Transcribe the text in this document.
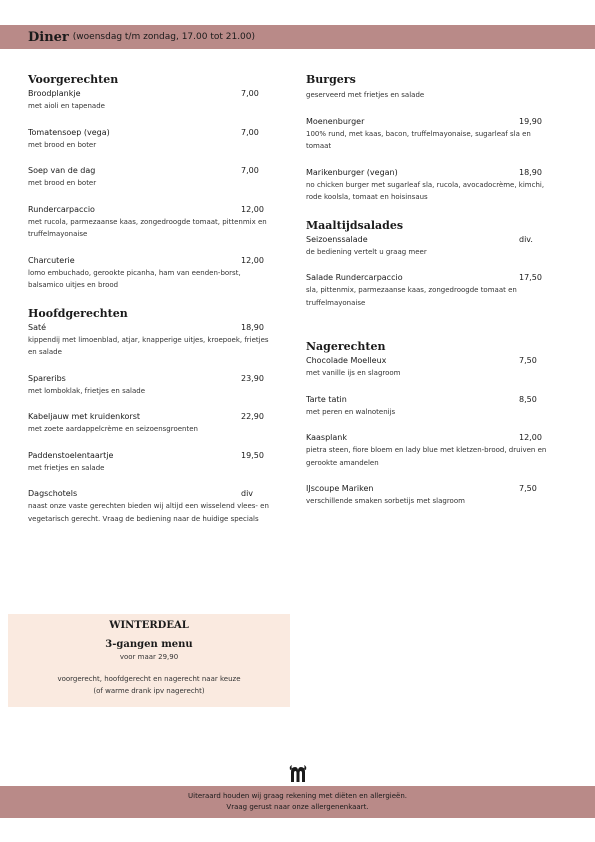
Diner (woensdag t/m zondag, 17.00 tot 21.00)
Voorgerechten
Broodplankje	7,00
met aioli en tapenade
Tomatensoep (vega)	7,00
met brood en boter
Soep van de dag	7,00
met brood en boter
Rundercarpaccio	12,00
met rucola, parmezaanse kaas, zongedroogde tomaat, pittenmix en truffelmayonaise
Charcuterie	12,00
lomo embuchado, gerookte picanha, ham van eenden-borst, balsamico uitjes en brood
Hoofdgerechten
Saté	18,90
kippendij met limoenblad, atjar, knapperige uitjes, kroepoek, frietjes en salade
Spareribs	23,90
met lomboklak, frietjes en salade
Kabeljauw met kruidenkorst	22,90
met zoete aardappelcrème en seizoensgroenten
Paddenstoelentaartje	19,50
met frietjes en salade
Dagschotels	div
naast onze vaste gerechten bieden wij altijd een wisselend vlees- en vegetarisch gerecht. Vraag de bediening naar de huidige specials
Burgers
geserveerd met frietjes en salade
Moenenburger	19,90
100% rund, met kaas, bacon, truffelmayonaise, sugarleaf sla en tomaat
Marikenburger (vegan)	18,90
no chicken burger met sugarleaf sla, rucola, avocadocrème, kimchi, rode koolsla, tomaat en hoisinsaus
Maaltijdsalades
Seizoenssalade	div.
de bediening vertelt u graag meer
Salade Rundercarpaccio	17,50
sla, pittenmix, parmezaanse kaas, zongedroogde tomaat en truffelmayonaise
Nagerechten
Chocolade Moelleux	7,50
met vanille ijs en slagroom
Tarte tatin	8,50
met peren en walnotenijs
Kaasplank	12,00
pietra steen, fiore bloem en lady blue met kletzen-brood, druiven en gerookte amandelen
IJscoupe Mariken	7,50
verschillende smaken sorbetijs met slagroom
WINTERDEAL
3-gangen menu
voor maar 29,90
voorgerecht, hoofdgerecht en nagerecht naar keuze
(of warme drank ipv nagerecht)
Uiteraard houden wij graag rekening met diëten en allergieën.
Vraag gerust naar onze allergenenkaart.
